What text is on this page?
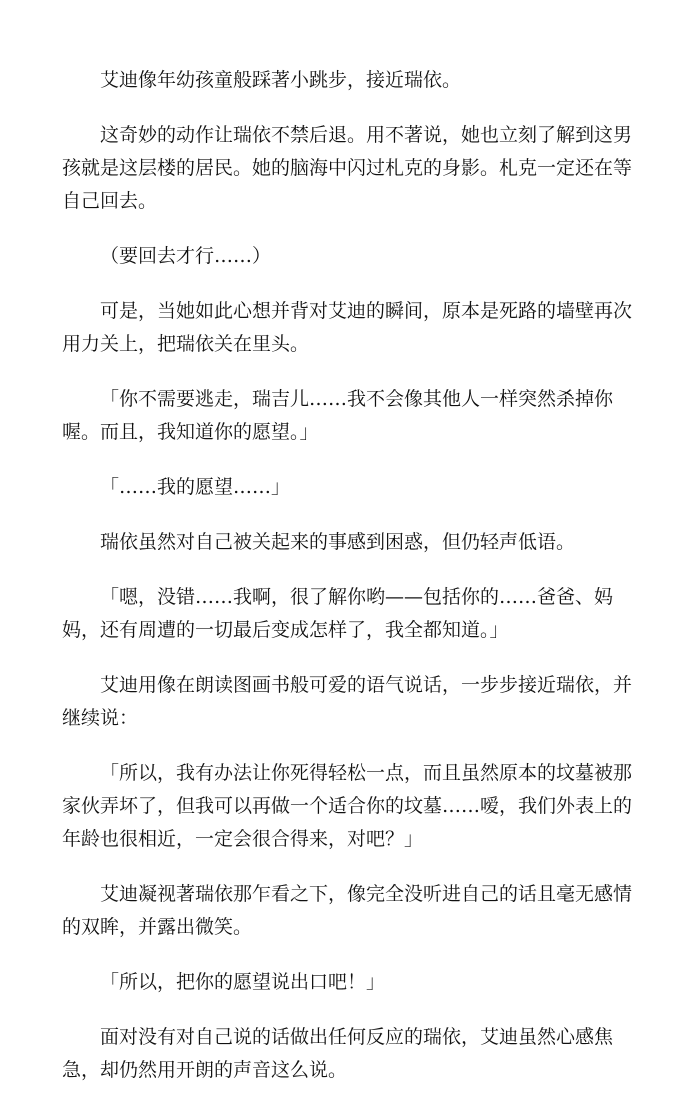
艾迪像年幼孩童般踩著小跳步，接近瑞依。

这奇妙的动作让瑞依不禁后退。用不著说，她也立刻了解到这男孩就是这层楼的居民。她的脑海中闪过札克的身影。札克一定还在等自己回去。

（要回去才行……）

可是，当她如此心想并背对艾迪的瞬间，原本是死路的墙壁再次用力关上，把瑞依关在里头。

「你不需要逃走，瑞吉儿……我不会像其他人一样突然杀掉你喔。而且，我知道你的愿望。」

「……我的愿望……」

瑞依虽然对自己被关起来的事感到困惑，但仍轻声低语。

「嗯，没错……我啊，很了解你哟——包括你的……爸爸、妈妈，还有周遭的一切最后变成怎样了，我全都知道。」

艾迪用像在朗读图画书般可爱的语气说话，一步步接近瑞依，并继续说：

「所以，我有办法让你死得轻松一点，而且虽然原本的坟墓被那家伙弄坏了，但我可以再做一个适合你的坟墓……嗳，我们外表上的年龄也很相近，一定会很合得来，对吧？」

艾迪凝视著瑞依那乍看之下，像完全没听进自己的话且毫无感情的双眸，并露出微笑。

「所以，把你的愿望说出口吧！」

面对没有对自己说的话做出任何反应的瑞依，艾迪虽然心感焦急，却仍然用开朗的声音这么说。
